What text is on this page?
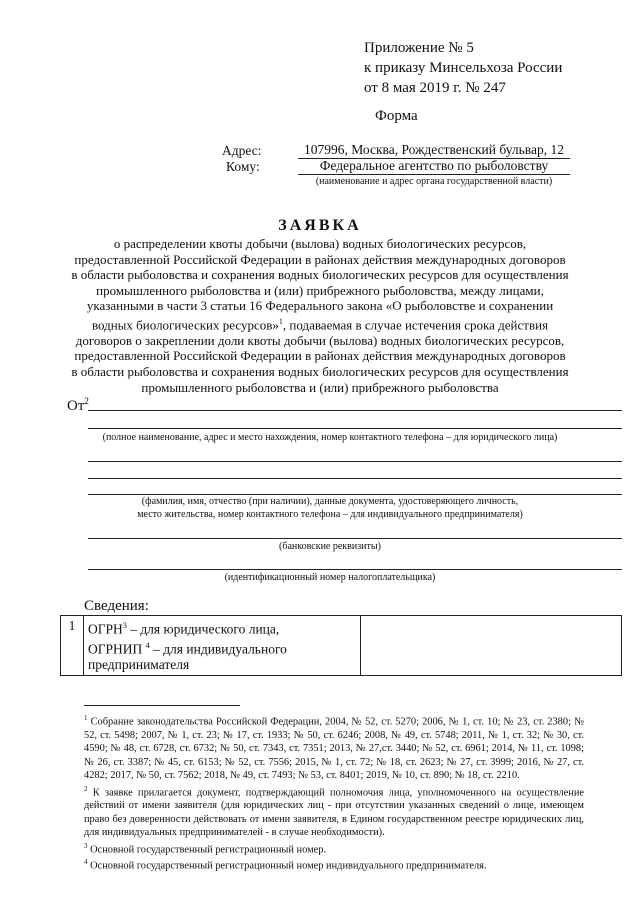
Приложение № 5
к приказу Минсельхоза России
от 8 мая 2019 г. № 247
Форма
Адрес:	107996, Москва, Рождественский бульвар, 12
Кому:	Федеральное агентство по рыболовству
(наименование и адрес органа государственной власти)
ЗАЯВКА
о распределении квоты добычи (вылова) водных биологических ресурсов, предоставленной Российской Федерации в районах действия международных договоров в области рыболовства и сохранения водных биологических ресурсов для осуществления промышленного рыболовства и (или) прибрежного рыболовства, между лицами, указанными в части 3 статьи 16 Федерального закона «О рыболовстве и сохранении водных биологических ресурсов»$^1$, подаваемая в случае истечения срока действия договоров о закреплении доли квоты добычи (вылова) водных биологических ресурсов, предоставленной Российской Федерации в районах действия международных договоров в области рыболовства и сохранения водных биологических ресурсов для осуществления промышленного рыболовства и (или) прибрежного рыболовства
$От^2$
(полное наименование, адрес и место нахождения, номер контактного телефона – для юридического лица)
(фамилия, имя, отчество (при наличии), данные документа, удостоверяющего личность,
место жительства, номер контактного телефона – для индивидуального предпринимателя)
(банковские реквизиты)
(идентификационный номер налогоплательщика)
Сведения:
1	ОГРН$^3$ – для юридического лица,
ОГРНИП $^4$ – для индивидуального предпринимателя	

$^1$ Собрание законодательства Российской Федерации, 2004, № 52, ст. 5270; 2006, № 1, ст. 10; № 23, ст. 2380; № 52, ст. 5498; 2007, № 1, ст. 23; № 17, ст. 1933; № 50, ст. 6246; 2008, № 49, ст. 5748; 2011, № 1, ст. 32; № 30, ст. 4590; № 48, ст. 6728, ст. 6732; № 50, ст. 7343, ст. 7351; 2013, № 27,ст. 3440; № 52, ст. 6961; 2014, № 11, ст. 1098; № 26, ст. 3387; № 45, ст. 6153; № 52, ст. 7556; 2015, № 1, ст. 72; № 18, ст. 2623; № 27, ст. 3999; 2016, № 27, ст. 4282; 2017, № 50, ст. 7562; 2018, № 49, ст. 7493; № 53, ст. 8401; 2019, № 10, ст. 890; № 18, ст. 2210.

$^2$ К заявке прилагается документ, подтверждающий полномочия лица, уполномоченного на осуществление действий от имени заявителя (для юридических лиц - при отсутствии указанных сведений о лице, имеющем право без доверенности действовать от имени заявителя, в Едином государственном реестре юридических лиц, для индивидуальных предпринимателей - в случае необходимости).

$^3$ Основной государственный регистрационный номер.

$^4$ Основной государственный регистрационный номер индивидуального предпринимателя.
